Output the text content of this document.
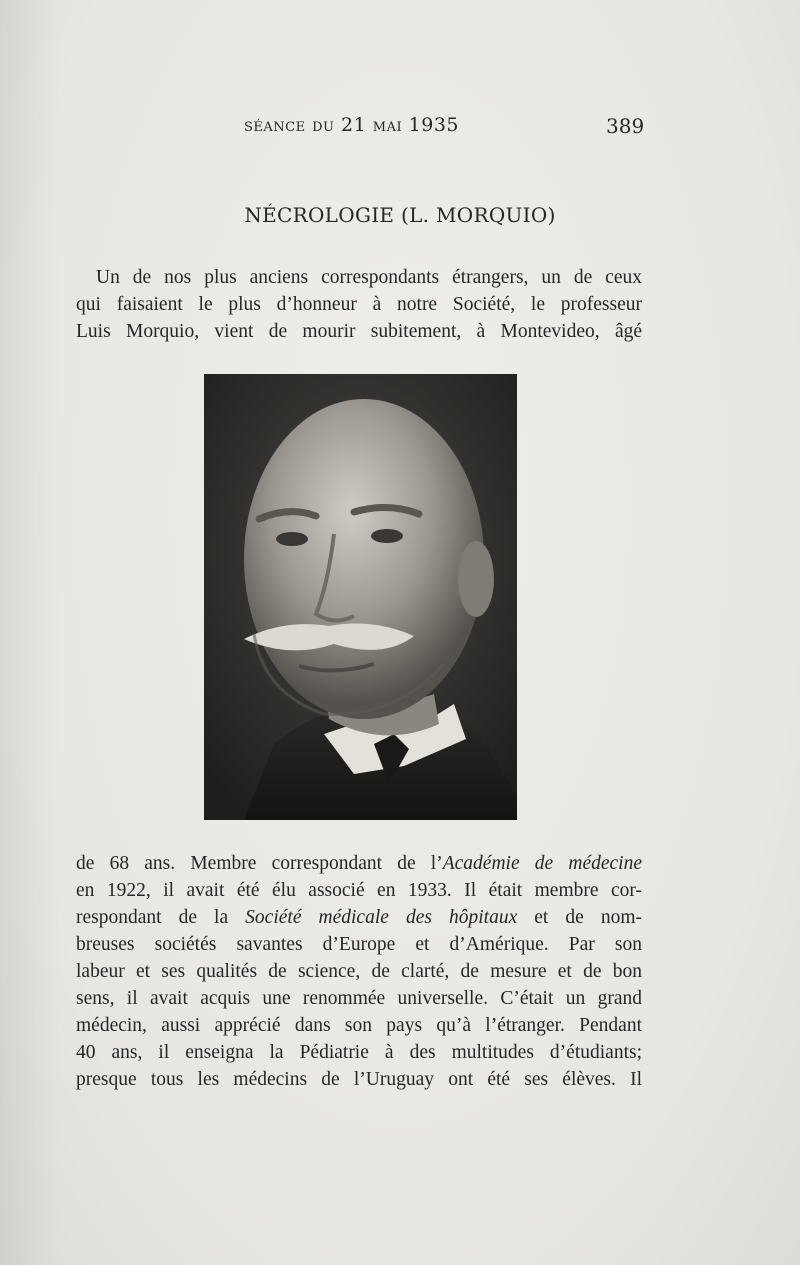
séance du 21 mai 1935	389
NÉCROLOGIE (L. MORQUIO)
Un de nos plus anciens correspondants étrangers, un de ceux
qui faisaient le plus d’honneur à notre Société, le professeur
Luis Morquio, vient de mourir subitement, à Montevideo, âgé
de 68 ans. Membre correspondant de l’Académie de médecine
en 1922, il avait été élu associé en 1933. Il était membre cor-
respondant de la Société médicale des hôpitaux et de nom-
breuses sociétés savantes d’Europe et d’Amérique. Par son
labeur et ses qualités de science, de clarté, de mesure et de bon
sens, il avait acquis une renommée universelle. C’était un grand
médecin, aussi apprécié dans son pays qu’à l’étranger. Pendant
40 ans, il enseigna la Pédiatrie à des multitudes d’étudiants;
presque tous les médecins de l’Uruguay ont été ses élèves. Il
